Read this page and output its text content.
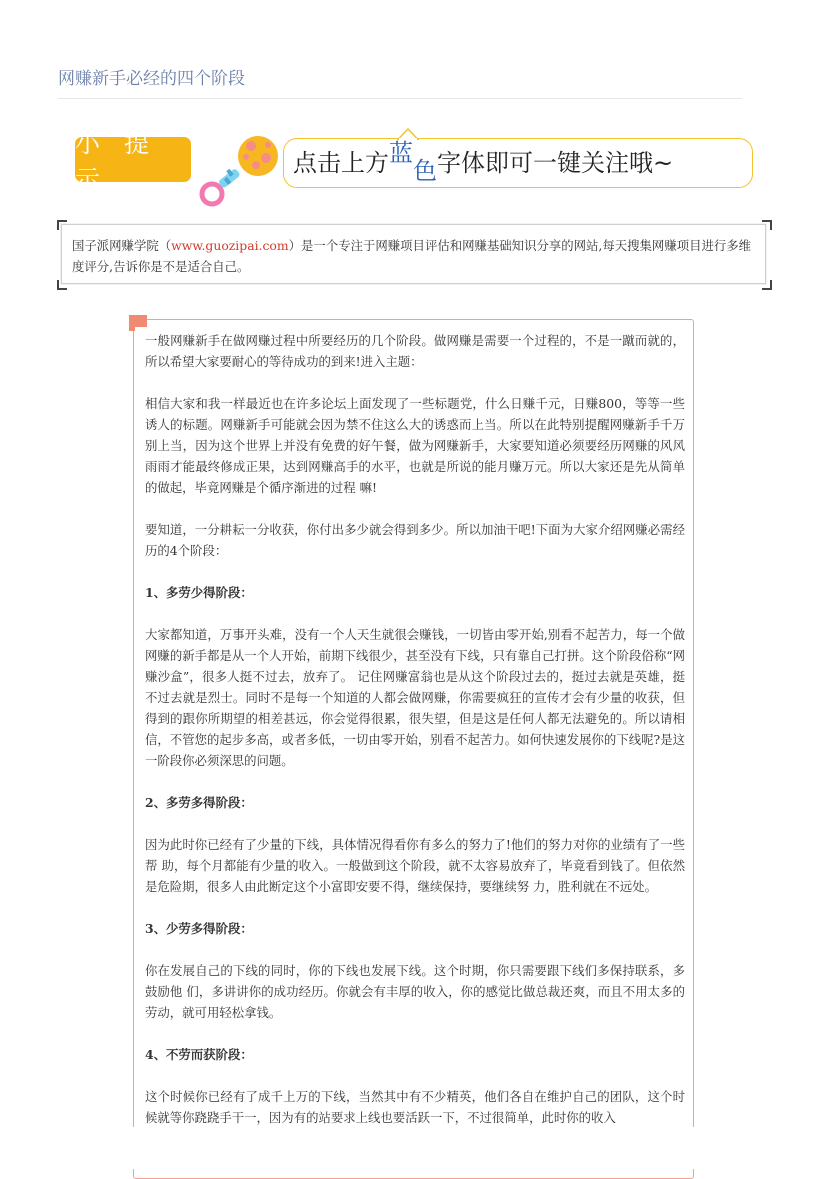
网赚新手必经的四个阶段
小 提 示
点击上方蓝色字体即可一键关注哦~
国子派网赚学院（www.guozipai.com）是一个专注于网赚项目评估和网赚基础知识分享的网站,每天搜集网赚项目进行多维度评分,告诉你是不是适合自己。

一般网赚新手在做网赚过程中所要经历的几个阶段。做网赚是需要一个过程的，不是一蹴而就的，所以希望大家要耐心的等待成功的到来!进入主题：

相信大家和我一样最近也在许多论坛上面发现了一些标题党，什么日赚千元，日赚800，等等一些诱人的标题。网赚新手可能就会因为禁不住这么大的诱惑而上当。所以在此特别提醒网赚新手千万别上当，因为这个世界上并没有免费的好午餐，做为网赚新手，大家要知道必须要经历网赚的风风雨雨才能最终修成正果，达到网赚高手的水平，也就是所说的能月赚万元。所以大家还是先从简单的做起，毕竟网赚是个循序渐进的过程 嘛!

要知道，一分耕耘一分收获，你付出多少就会得到多少。所以加油干吧!下面为大家介绍网赚必需经历的4个阶段：

1、多劳少得阶段：

大家都知道，万事开头难，没有一个人天生就很会赚钱，一切皆由零开始,别看不起苦力，每一个做网赚的新手都是从一个人开始，前期下线很少，甚至没有下线，只有靠自己打拼。这个阶段俗称“网赚沙盒”，很多人挺不过去，放弃了。 记住网赚富翁也是从这个阶段过去的，挺过去就是英雄，挺不过去就是烈士。同时不是每一个知道的人都会做网赚，你需要疯狂的宣传才会有少量的收获，但得到的跟你所期望的相差甚远，你会觉得很累，很失望，但是这是任何人都无法避免的。所以请相信，不管您的起步多高，或者多低，一切由零开始，别看不起苦力。如何快速发展你的下线呢?是这一阶段你必须深思的问题。

2、多劳多得阶段：

因为此时你已经有了少量的下线，具体情况得看你有多么的努力了!他们的努力对你的业绩有了一些帮 助，每个月都能有少量的收入。一般做到这个阶段，就不太容易放弃了，毕竟看到钱了。但依然是危险期，很多人由此断定这个小富即安要不得，继续保持，要继续努 力，胜利就在不远处。

3、少劳多得阶段：

你在发展自己的下线的同时，你的下线也发展下线。这个时期，你只需要跟下线们多保持联系，多鼓励他 们，多讲讲你的成功经历。你就会有丰厚的收入，你的感觉比做总裁还爽，而且不用太多的劳动，就可用轻松拿钱。

4、不劳而获阶段：

这个时候你已经有了成千上万的下线，当然其中有不少精英，他们各自在维护自己的团队，这个时候就等你跷跷手干一，因为有的站要求上线也要活跃一下，不过很简单，此时你的收入
